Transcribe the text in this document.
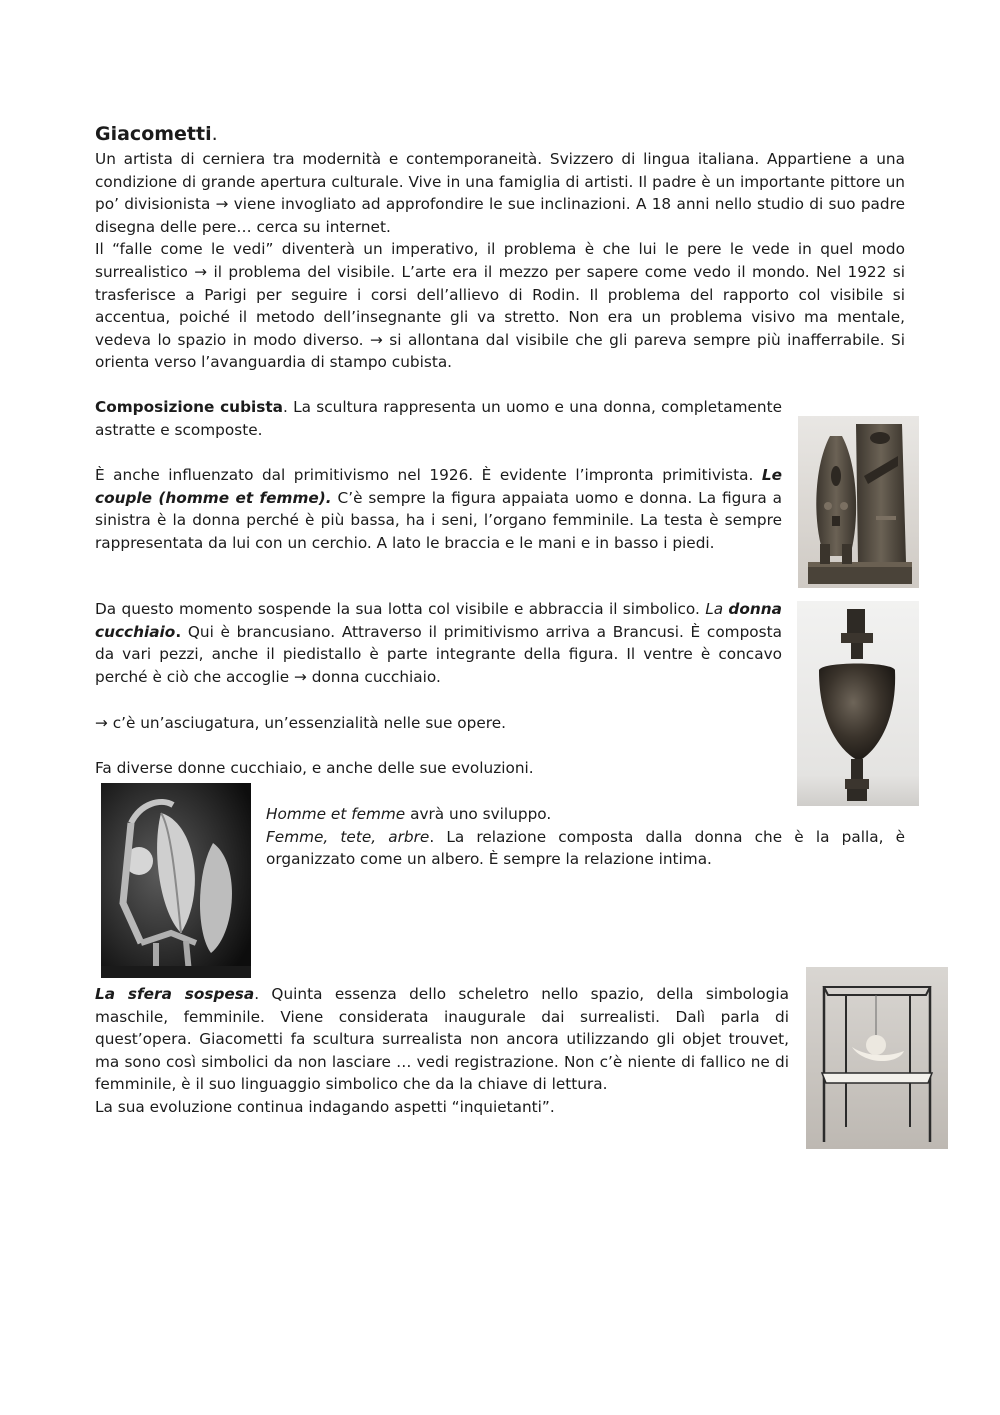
Giacometti.

Un artista di cerniera tra modernità e contemporaneità. Svizzero di lingua italiana. Appartiene a una condizione di grande apertura culturale. Vive in una famiglia di artisti. Il padre è un importante pittore un po’ divisionista → viene invogliato ad approfondire le sue inclinazioni. A 18 anni nello studio di suo padre disegna delle pere… cerca su internet.

Il “falle come le vedi” diventerà un imperativo, il problema è che lui le pere le vede in quel modo surrealistico → il problema del visibile. L’arte era il mezzo per sapere come vedo il mondo. Nel 1922 si trasferisce a Parigi per seguire i corsi dell’allievo di Rodin. Il problema del rapporto col visibile si accentua, poiché il metodo dell’insegnante gli va stretto. Non era un problema visivo ma mentale, vedeva lo spazio in modo diverso. → si allontana dal visibile che gli pareva sempre più inafferrabile. Si orienta verso l’avanguardia di stampo cubista.

Composizione cubista. La scultura rappresenta un uomo e una donna, completamente astratte e scomposte.
È anche influenzato dal primitivismo nel 1926. È evidente l’impronta primitivista. Le couple (homme et femme). C’è sempre la figura appaiata uomo e donna. La figura a sinistra è la donna perché è più bassa, ha i seni, l’organo femminile. La testa è sempre rappresentata da lui con un cerchio. A lato le braccia e le mani e in basso i piedi.
Da questo momento sospende la sua lotta col visibile e abbraccia il simbolico. La donna cucchiaio. Qui è brancusiano. Attraverso il primitivismo arriva a Brancusi. È composta da vari pezzi, anche il piedistallo è parte integrante della figura. Il ventre è concavo perché è ciò che accoglie → donna cucchiaio.
→ c’è un’asciugatura, un’essenzialità nelle sue opere.
Fa diverse donne cucchiaio, e anche delle sue evoluzioni.

Homme et femme avrà uno sviluppo.

Femme, tete, arbre. La relazione composta dalla donna che è la palla, è organizzato come un albero. È sempre la relazione intima.

La sfera sospesa. Quinta essenza dello scheletro nello spazio, della simbologia maschile, femminile. Viene considerata inaugurale dai surrealisti. Dalì parla di quest’opera. Giacometti fa scultura surrealista non ancora utilizzando gli objet trouvet, ma sono così simbolici da non lasciare … vedi registrazione. Non c’è niente di fallico ne di femminile, è il suo linguaggio simbolico che da la chiave di lettura.

La sua evoluzione continua indagando aspetti “inquietanti”.
